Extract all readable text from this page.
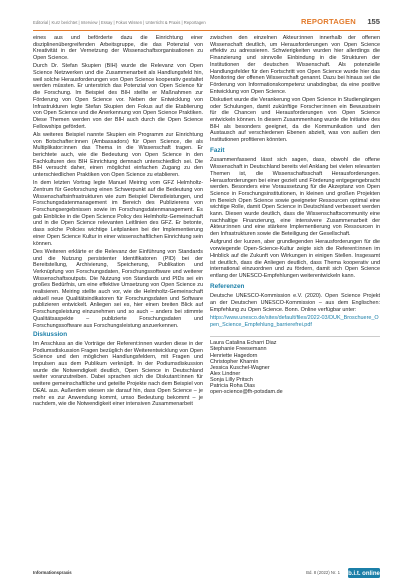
Editorial | Kurz berichtet | Interview | Essay | Fokus Wissen | Unterricht & Praxis | Reportagen	REPORTAGEN 155

eines aus und beförderte dazu die Einrichtung einer disziplinenübergreifenden Arbeitsgruppe, die das Potenzial von Kreativität in der Vernetzung der Wissenschaftsorganisationen zu Open Science.

Durch Dr. Stefan Skupien (BIH) wurde die Relevanz von Open Science Netzwerken und die Zusammenarbeit als Handlungsfeld hin, weil solche Herausforderungen von Open Science kooperativ gestaltet werden müssten. Er unterstrich das Potenzial von Open Science für die Forschung. Im Beispiel des BIH stellte er Maßnahmen zur Förderung von Open Science vor. Neben der Entwicklung von Infrastrukturen legte Stefan Skupien den Fokus auf die Etablierung von Open Science und die Anerkennung von Open Science Praktiken. Diese Themen werden von der BIH auch durch die Open Science Fellowships gefördert.

Als weiteres Beispiel nannte Skupien ein Programm zur Einrichtung von Botschafter:innen (Ambassadors) für Open Science, die als Multiplikator:innen das Thema in die Wissenschaft tragen. Er berichtete auch, wie die Bedeutung von Open Science in den Fachkulturen des BIH Einrichtung demnach unterschiedlich sei. Die BIH versucht daher, einen möglichst einfachen Zugang zu den unterschiedlichen Praktiken von Open Science zu etablieren.

In dem letzten Vortrag legte Manuel Meiring vom GFZ Helmholtz-Zentrum für Geoforschung einen Schwerpunkt auf die Bedeutung von Wissenschaftsinfrastrukturen wie zum Beispiel Dienstleistungen, und Forschungsdatenmanagement im Bereich des Publizierens von Forschungsergebnissen sowie im Forschungsdatenmanagement. Es gab Einblicke in die Open Science Policy des Helmholtz-Gemeinschaft und in die Open Science relevanten Leitlinien des GFZ. Er betonte, dass solche Policies wichtige Leitplanken bei der Implementierung einer Open Science Kultur in einer wissenschaftlichen Einrichtung sein können.

Des Weiteren erklärte er die Relevanz der Einführung von Standards und die Nutzung persistenter Identifikatoren (PID) bei der Bereitstellung, Archivierung, Speicherung, Publikation und Verknüpfung von Forschungsdaten, Forschungssoftware und weiterer Wissenschaftsoutputs. Die Nutzung von Standards und PIDs sei ein großes Bedürfnis, um eine effektive Umsetzung von Open Science zu realisieren. Meiring stellte auch vor, wie die Helmholtz-Gemeinschaft aktuell neue Qualitätsindikatoren für Forschungsdaten und Software publizieren entwickelt. Anliegen sei es, hier einen breiten Blick auf Forschungsleistung einzunehmen und so auch – anders bei stimmte Qualitätsaspekte – publizierte Forschungsdaten und Forschungssoftware aus Forschungsleistung anzuerkennen.

Diskussion

Im Anschluss an die Vorträge der Referent:innen wurden diese in der Podiumsdiskussion Fragen bezüglich der Weiterentwicklung von Open Science und den möglichen Handlungsfeldern, mit Fragen und Impulsen aus dem Publikum verknüpft. In der Podiumsdiskussion wurde die Notwendigkeit deutlich, Open Science in Deutschland weiter voranzutreiben. Dabei sprachen sich die Diskutant:innen für weitere gemeinschaftliche und geteilte Projekte nach dem Beispiel von DEAL aus. Außerdem wiesen sie darauf hin, dass Open Science – je mehr es zur Anwendung kommt, umso Bedeutung bekommt – je nachdem, wie die Notwendigkeit einer intensiven Zusammenarbeit

zwischen den einzelnen Akteur:innen innerhalb der offenen Wissenschaft deutlich, um Herausforderungen von Open Science effektiv zu adressieren. Schwierigkeiten wurden hier allerdings die Finanzierung und sinnvolle Einbindung in die Strukturen der Institutionen der deutschen Wissenschaft. Als potenzielle Handlungsfelder für den Fortschritt von Open Science wurde hier das Monitoring der offenen Wissenschaft genannt. Dazu bei hinaus sei die Förderung von Informationskompetenz unabdingbar, da eine positive Entwicklung von Open Science.

Diskutiert wurde die Verankerung von Open Science in Studiengängen oder Schulungen, damit zukünftige Forscher:innen ein Bewusstsein für die Chancen und Herausforderungen von Open Science entwickeln können. In diesem Zusammenhang wurde die Initiative des BIH als besonders geeignet, da die Kommunikation und den Austausch auf verschiedenen Ebenen abzielt, was von außen den Institutionen profitieren könnten.

Fazit

Zusammenfassend lässt sich sagen, dass, obwohl die offene Wissenschaft in Deutschland bereits viel Anklang bei vielen relevanten Themen ist, die Wissenschaftsschaft Herausforderungen. Herausforderungen bei einer gezielt und Förderung entgegengebracht werden. Besonders eine Voraussetzung für die Akzeptanz von Open Science in Forschungsinstitutionen, in kleinen und großen Projekten im Bereich Open Science sowie geeigneter Ressourcen optimal eine wichtige Rolle, damit Open Science in Deutschland verbessert werden kann. Diesen wurde deutlich, dass die Wissenschaftscommunity eine nachhaltige Finanzierung, eine intensivere Zusammenarbeit der Akteur:innen und eine stärkere Implementierung von Ressourcen in den Infrastrukturen sowie die Beteiligung der Gesellschaft.

Aufgrund der kurzen, aber grundlegenden Herausforderungen für die vorwiegende Open-Science-Kultur zeigte sich die Referent:innen im Hinblick auf die Zukunft von Wirkungen in einigen Stellen. Insgesamt ist deutlich, dass die Anliegen deutlich, dass Thema kooperativ und international einzuordnen und zu fördern, damit sich Open Science entlang der UNESCO-Empfehlungen weiterentwickeln kann.

Referenzen

Deutsche UNESCO-Kommission e.V. (2020). Open Science Projekt an der Deutschen UNESCO-Kommission – aus dem Englischen: Empfehlung zu Open Science. Bonn. Online verfügbar unter:

https://www.unesco.de/sites/default/files/2022-03/DUK_Broschuere_Open_Science_Empfehlung_barrierefrei.pdf

Laura Catalina Echarri Diaz
Stephanie Freesemann
Henriette Hagedorn
Christopher Kharnin
Jessica Kuschel-Wagner
Alex Lindner
Sonja Lilly Pritsch
Patricia Roha Dias
open-science@fh-potsdam.de
Informationspraxis	Bd. 8 (2022) Nr. 1 b.i.t. online
